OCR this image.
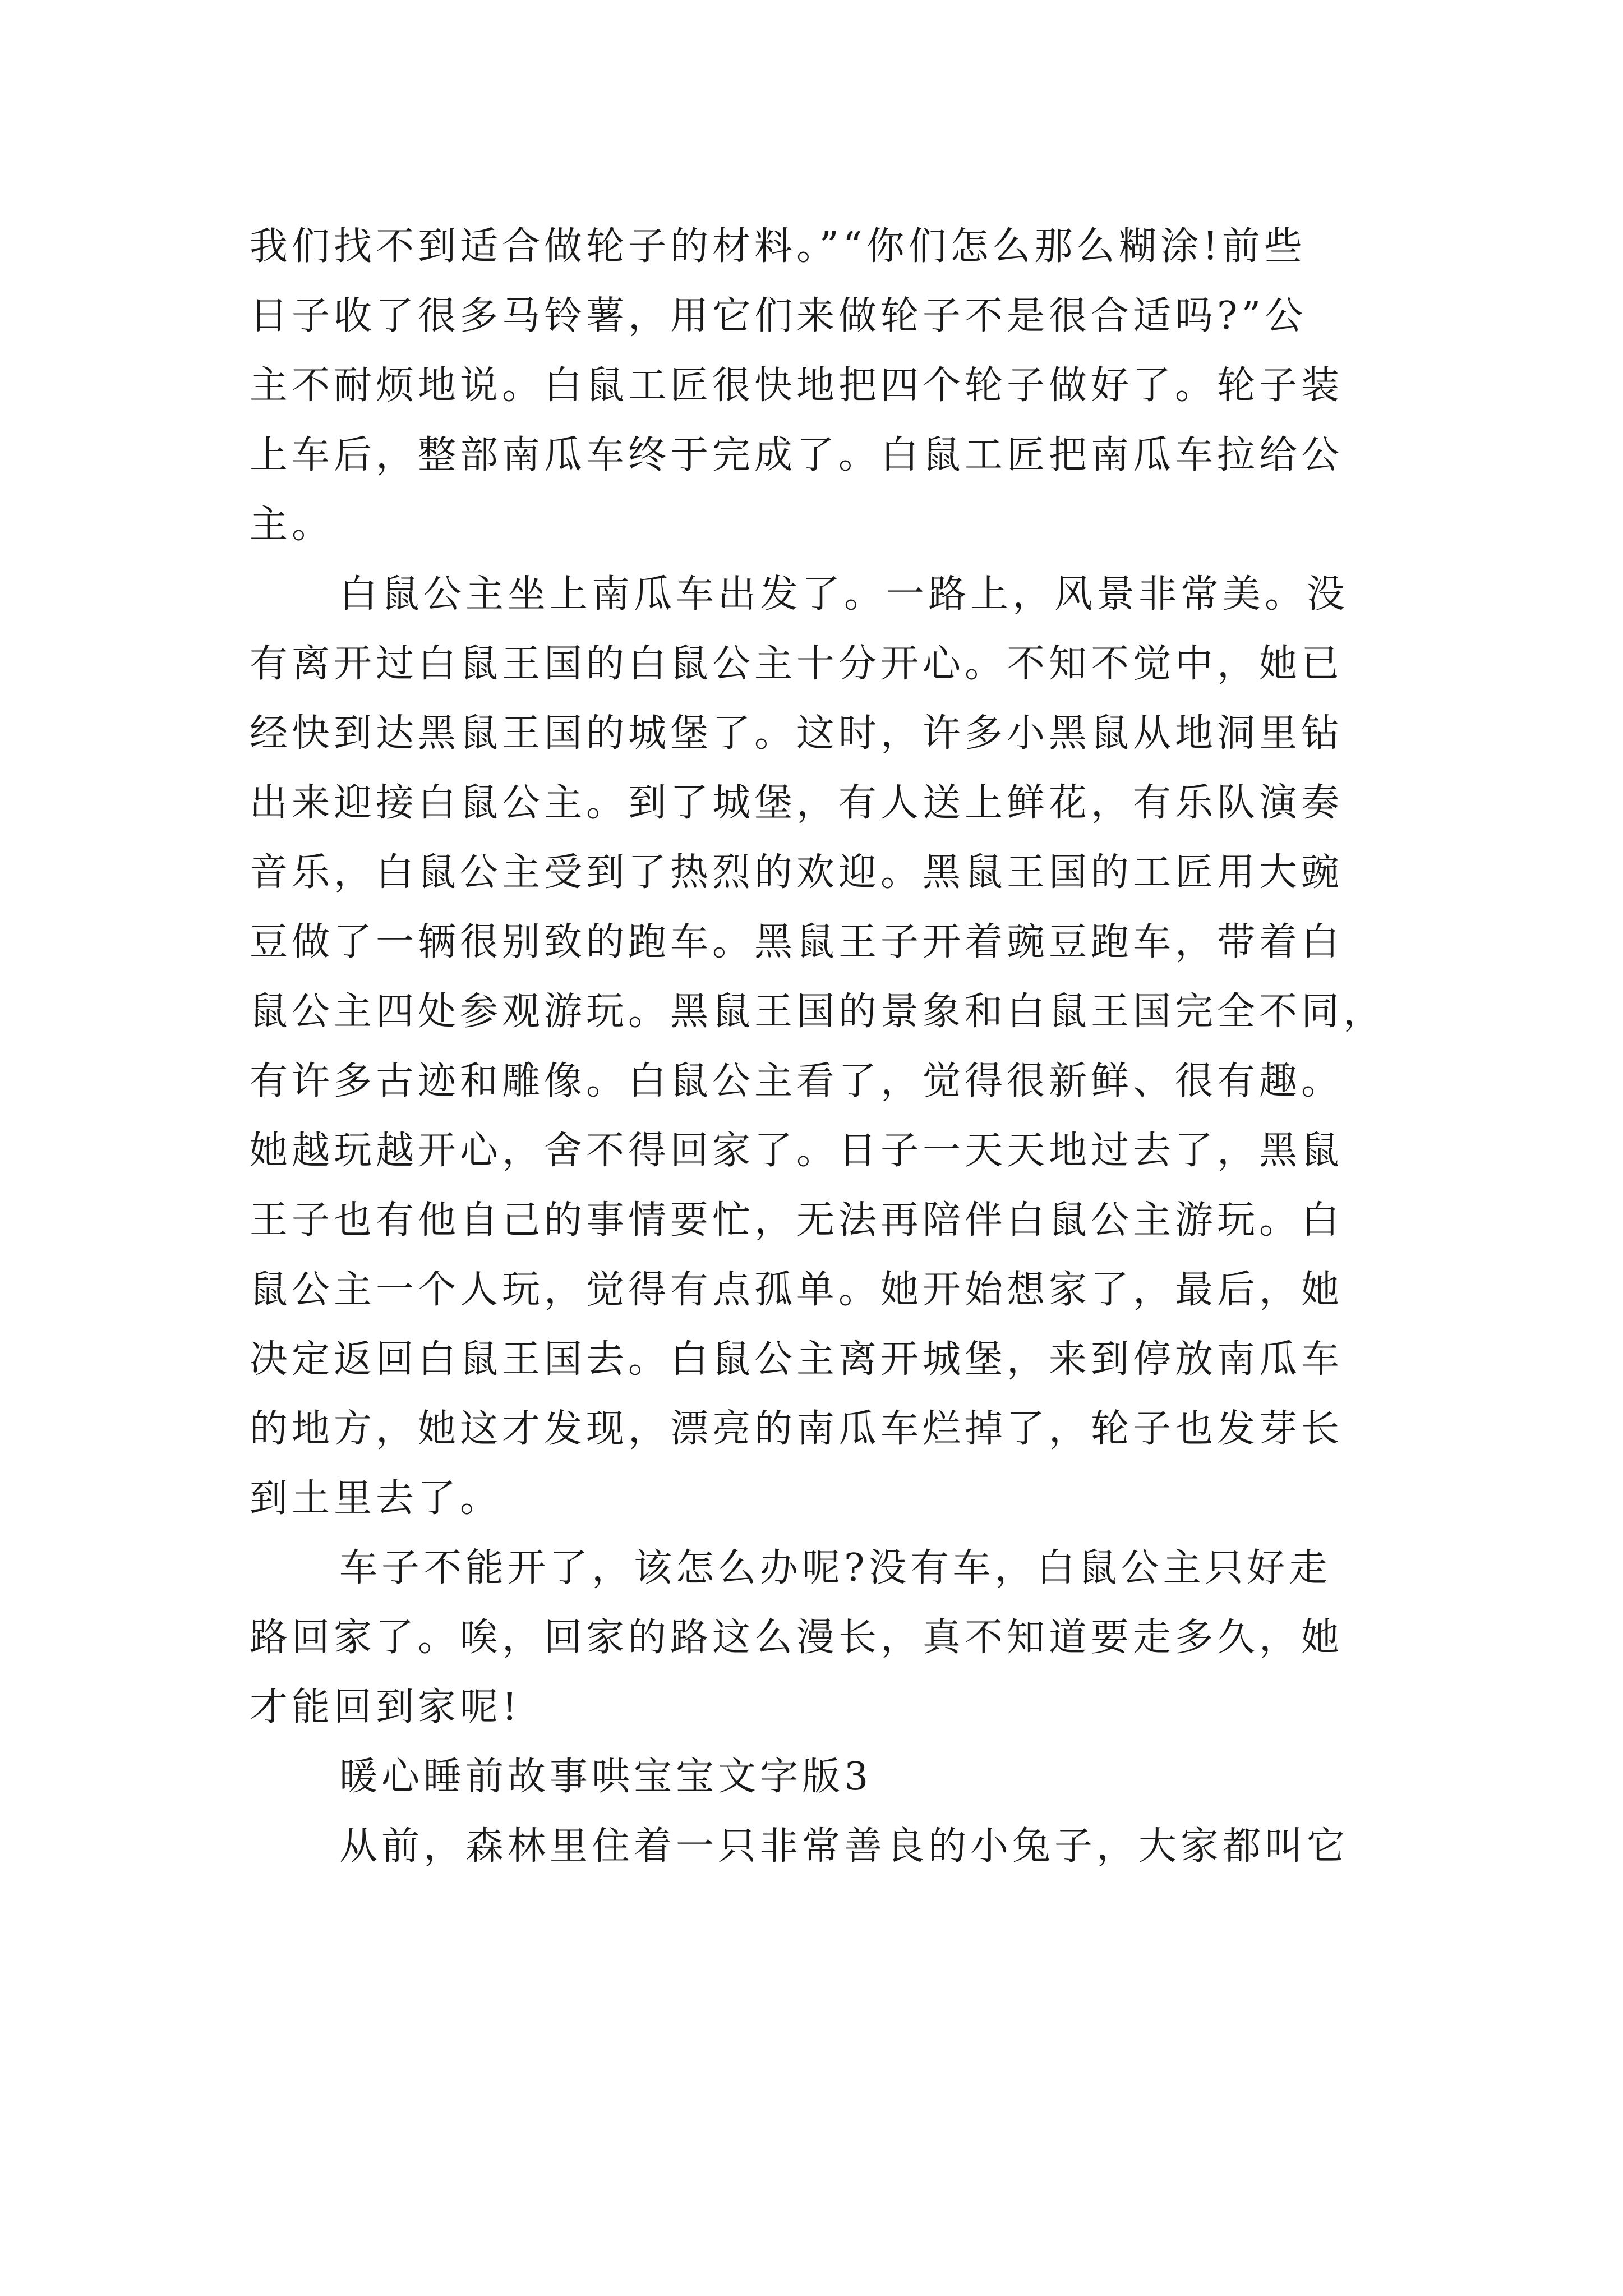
我们找不到适合做轮子的材料。”“你们怎么那么糊涂!前些
日子收了很多马铃薯，用它们来做轮子不是很合适吗?”公
主不耐烦地说。白鼠工匠很快地把四个轮子做好了。轮子装
上车后，整部南瓜车终于完成了。白鼠工匠把南瓜车拉给公
主。
白鼠公主坐上南瓜车出发了。一路上，风景非常美。没
有离开过白鼠王国的白鼠公主十分开心。不知不觉中，她已
经快到达黑鼠王国的城堡了。这时，许多小黑鼠从地洞里钻
出来迎接白鼠公主。到了城堡，有人送上鲜花，有乐队演奏
音乐，白鼠公主受到了热烈的欢迎。黑鼠王国的工匠用大豌
豆做了一辆很别致的跑车。黑鼠王子开着豌豆跑车，带着白
鼠公主四处参观游玩。黑鼠王国的景象和白鼠王国完全不同，
有许多古迹和雕像。白鼠公主看了，觉得很新鲜、很有趣。
她越玩越开心，舍不得回家了。日子一天天地过去了，黑鼠
王子也有他自己的事情要忙，无法再陪伴白鼠公主游玩。白
鼠公主一个人玩，觉得有点孤单。她开始想家了，最后，她
决定返回白鼠王国去。白鼠公主离开城堡，来到停放南瓜车
的地方，她这才发现，漂亮的南瓜车烂掉了，轮子也发芽长
到土里去了。
车子不能开了，该怎么办呢?没有车，白鼠公主只好走
路回家了。唉，回家的路这么漫长，真不知道要走多久，她
才能回到家呢!
暖心睡前故事哄宝宝文字版3
从前，森林里住着一只非常善良的小兔子，大家都叫它
